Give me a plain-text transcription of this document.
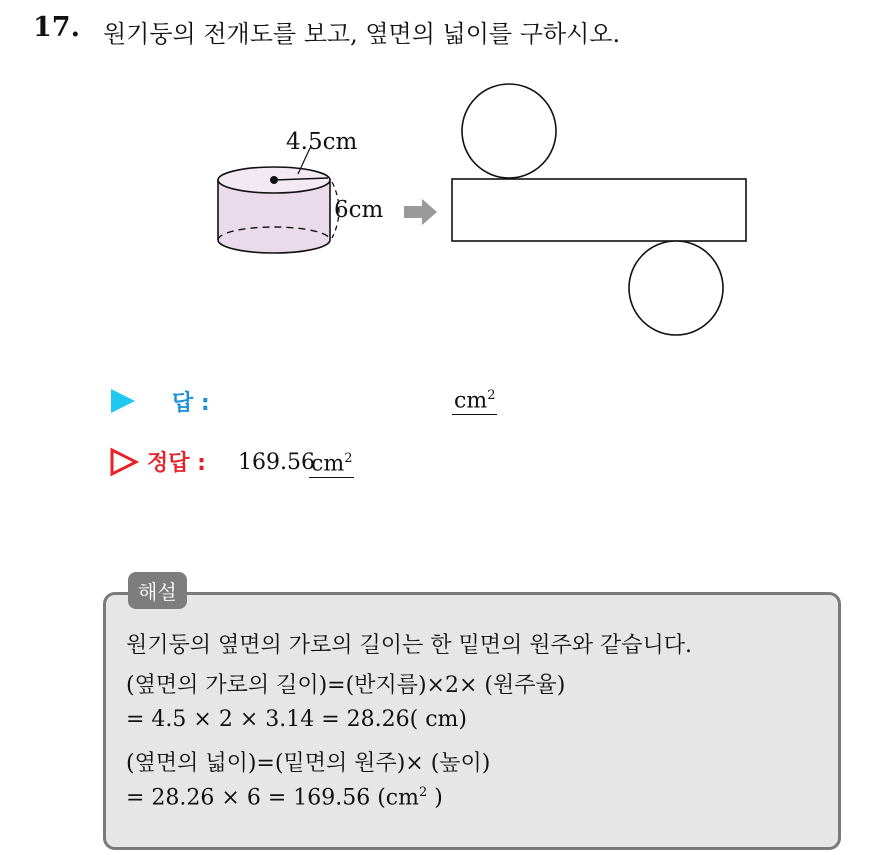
17. 원기둥의 전개도를 보고, 옆면의 넓이를 구하시오.
4.5cm
6cm
답 :	$cm^2$
정답 : 169.56
$cm^2$
해설
원기둥의 옆면의 가로의 길이는 한 밑면의 원주와 같습니다.
(옆면의 가로의 길이)=(반지름)×2× (원주율)
= 4.5 × 2 × 3.14 = 28.26( cm)
(옆면의 넓이)=(밑면의 원주)× (높이)
= 28.26 × 6 = 169.56 ($cm^2$ )
